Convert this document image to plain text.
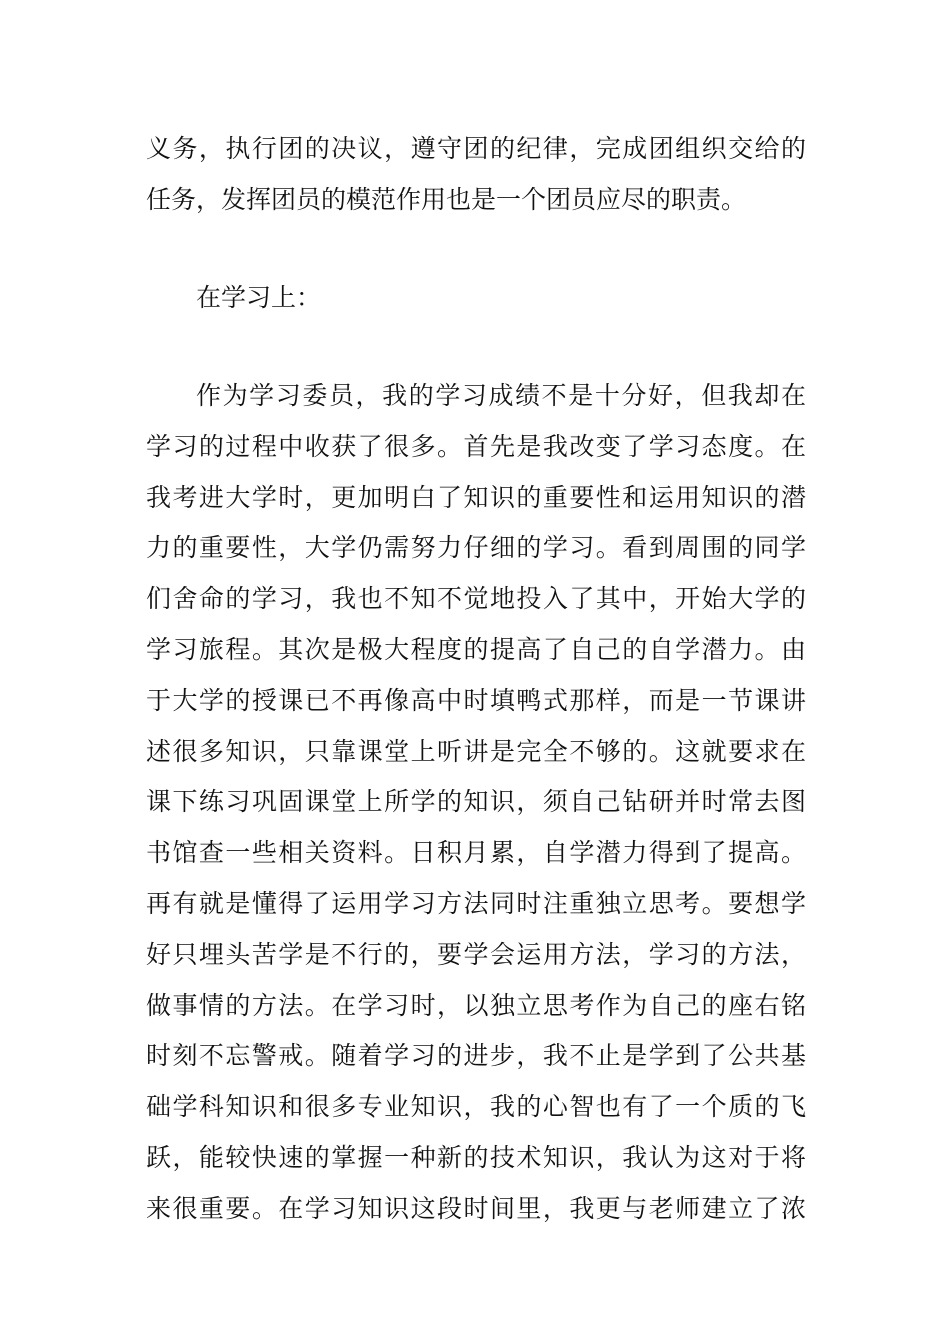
义务，执行团的决议，遵守团的纪律，完成团组织交给的
任务，发挥团员的模范作用也是一个团员应尽的职责。

在学习上：

作为学习委员，我的学习成绩不是十分好，但我却在
学习的过程中收获了很多。首先是我改变了学习态度。在
我考进大学时，更加明白了知识的重要性和运用知识的潜
力的重要性，大学仍需努力仔细的学习。看到周围的同学
们舍命的学习，我也不知不觉地投入了其中，开始大学的
学习旅程。其次是极大程度的提高了自己的自学潜力。由
于大学的授课已不再像高中时填鸭式那样，而是一节课讲
述很多知识，只靠课堂上听讲是完全不够的。这就要求在
课下练习巩固课堂上所学的知识，须自己钻研并时常去图
书馆查一些相关资料。日积月累，自学潜力得到了提高。
再有就是懂得了运用学习方法同时注重独立思考。要想学
好只埋头苦学是不行的，要学会运用方法，学习的方法，
做事情的方法。在学习时，以独立思考作为自己的座右铭
时刻不忘警戒。随着学习的进步，我不止是学到了公共基
础学科知识和很多专业知识，我的心智也有了一个质的飞
跃，能较快速的掌握一种新的技术知识，我认为这对于将
来很重要。在学习知识这段时间里，我更与老师建立了浓
